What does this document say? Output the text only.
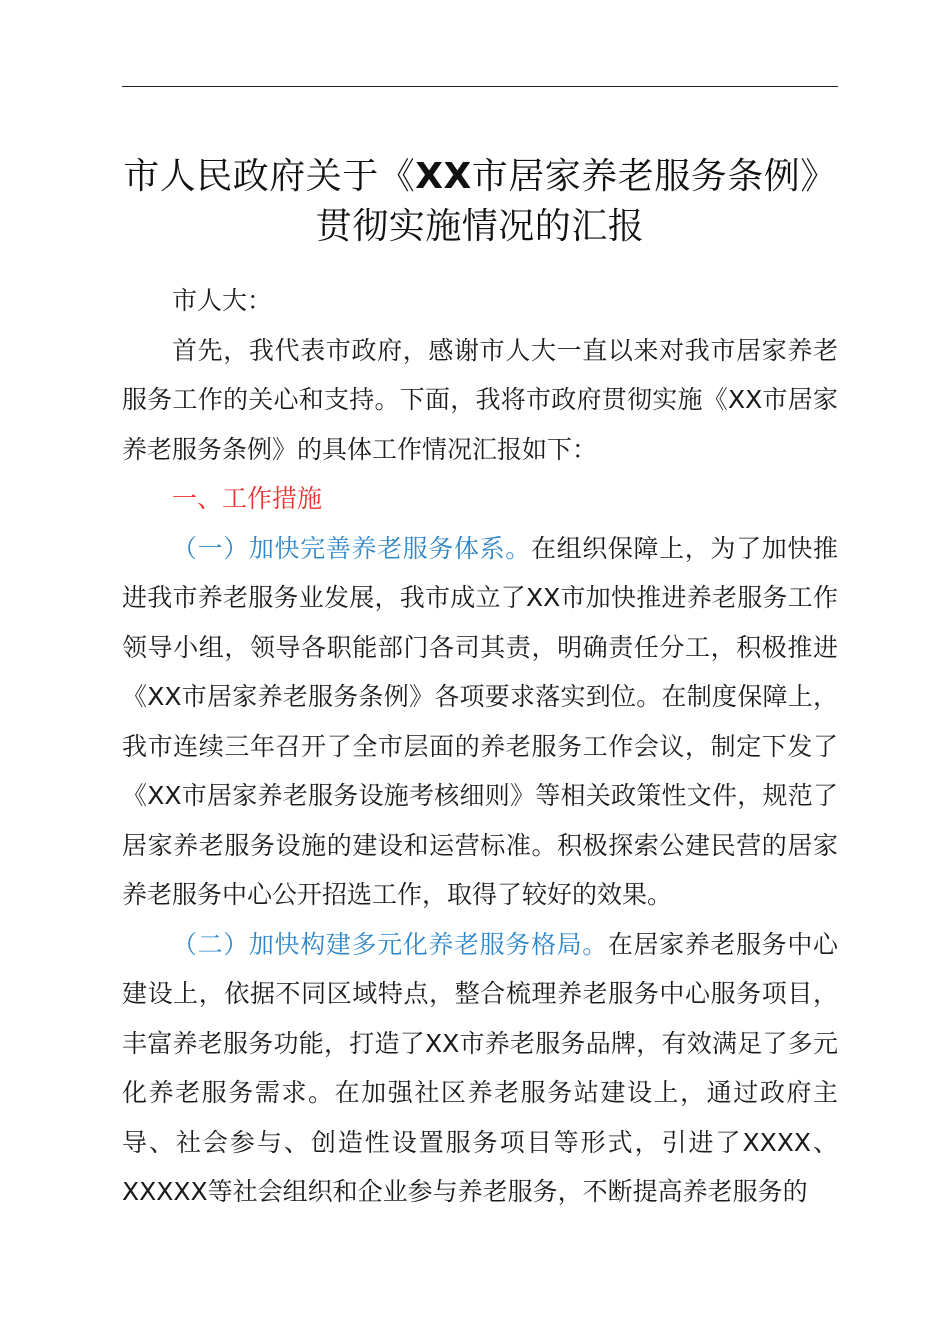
市人民政府关于《XX市居家养老服务条例》
贯彻实施情况的汇报

市人大：

首先，我代表市政府，感谢市人大一直以来对我市居家养老服务工作的关心和支持。下面，我将市政府贯彻实施《XX市居家养老服务条例》的具体工作情况汇报如下：

一、工作措施

（一）加快完善养老服务体系。在组织保障上，为了加快推进我市养老服务业发展，我市成立了XX市加快推进养老服务工作领导小组，领导各职能部门各司其责，明确责任分工，积极推进《XX市居家养老服务条例》各项要求落实到位。在制度保障上，我市连续三年召开了全市层面的养老服务工作会议，制定下发了《XX市居家养老服务设施考核细则》等相关政策性文件，规范了居家养老服务设施的建设和运营标准。积极探索公建民营的居家养老服务中心公开招选工作，取得了较好的效果。

（二）加快构建多元化养老服务格局。在居家养老服务中心建设上，依据不同区域特点，整合梳理养老服务中心服务项目，丰富养老服务功能，打造了XX市养老服务品牌，有效满足了多元化养老服务需求。在加强社区养老服务站建设上，通过政府主导、社会参与、创造性设置服务项目等形式，引进了XXXX、XXXXX等社会组织和企业参与养老服务，不断提高养老服务的
